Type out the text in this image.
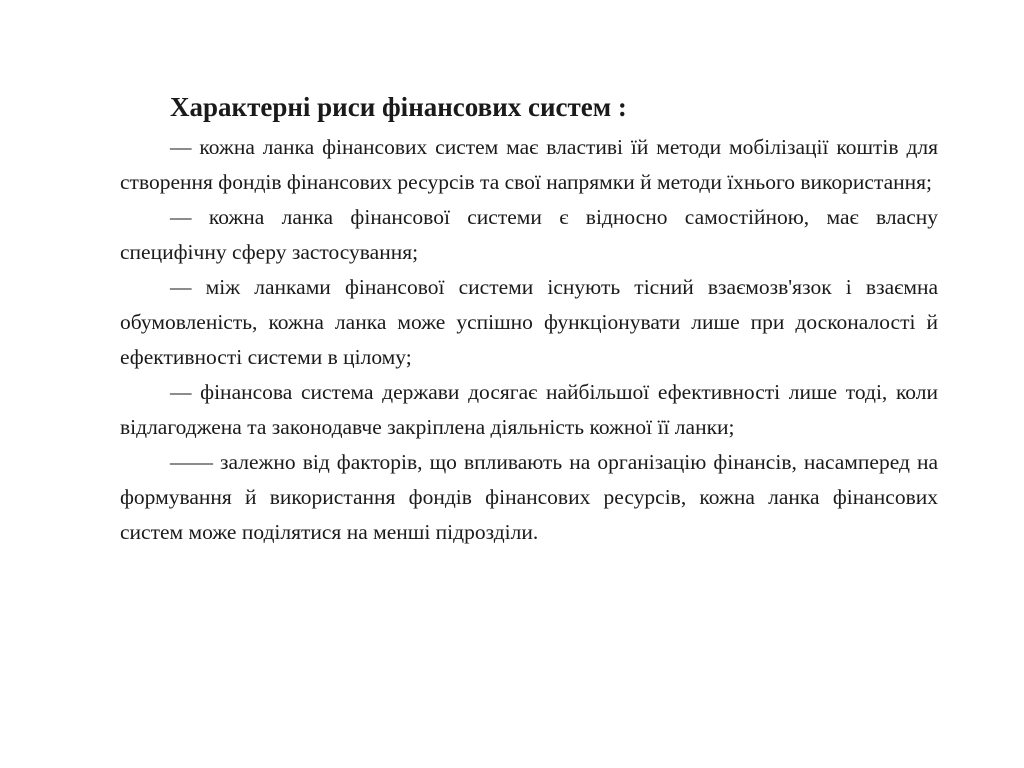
Характерні риси фінансових систем :

— кожна ланка фінансових систем має властиві їй методи мобілізації коштів для створення фондів фінансових ресурсів та свої напрямки й методи їхнього використання;

— кожна ланка фінансової системи є відносно самостійною, має власну специфічну сферу застосування;

— між ланками фінансової системи існують тісний взаємозв'язок і взаємна обумовленість, кожна ланка може успішно функціонувати лише при досконалості й ефективності системи в цілому;

— фінансова система держави досягає найбільшої ефективності лише тоді, коли відлагоджена та законодавче закріплена діяльність кожної її ланки;

—— залежно від факторів, що впливають на організацію фінансів, насамперед на формування й використання фондів фінансових ресурсів, кожна ланка фінансових систем може поділятися на менші підрозділи.
